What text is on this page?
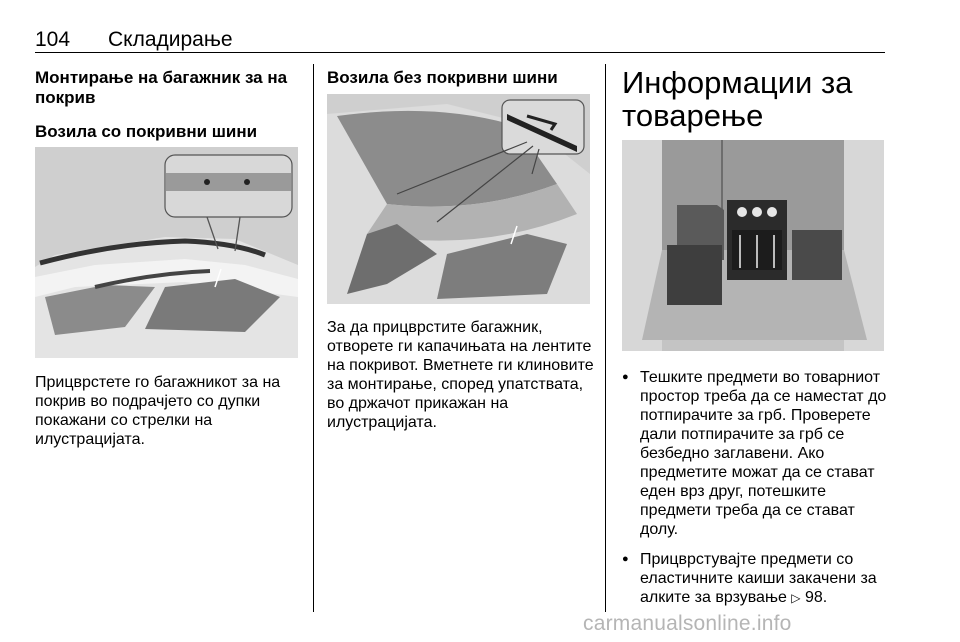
104 Складирање
Монтирање на багажник за на покрив
Возила со покривни шини

Прицврстете го багажникот за на покрив во подрачјето со дупки покажани со стрелки на илустрацијата.

Возила без покривни шини

За да прицврстите багажник, отворете ги капачињата на лентите на покривот. Вметнете ги клиновите за монтирање, според упатствата, во држачот прикажан на илустрацијата.

Информации за товарење
● Тешките предмети во товарниот простор треба да се наместат до потпирачите за грб. Проверете дали потпирачите за грб се безбедно заглавени. Ако предметите можат да се стават еден врз друг, потешките предмети треба да се стават долу.
● Прицврстувајте предмети со еластичните каиши закачени за алките за врзување ▷ 98.
carmanualsonline.info
